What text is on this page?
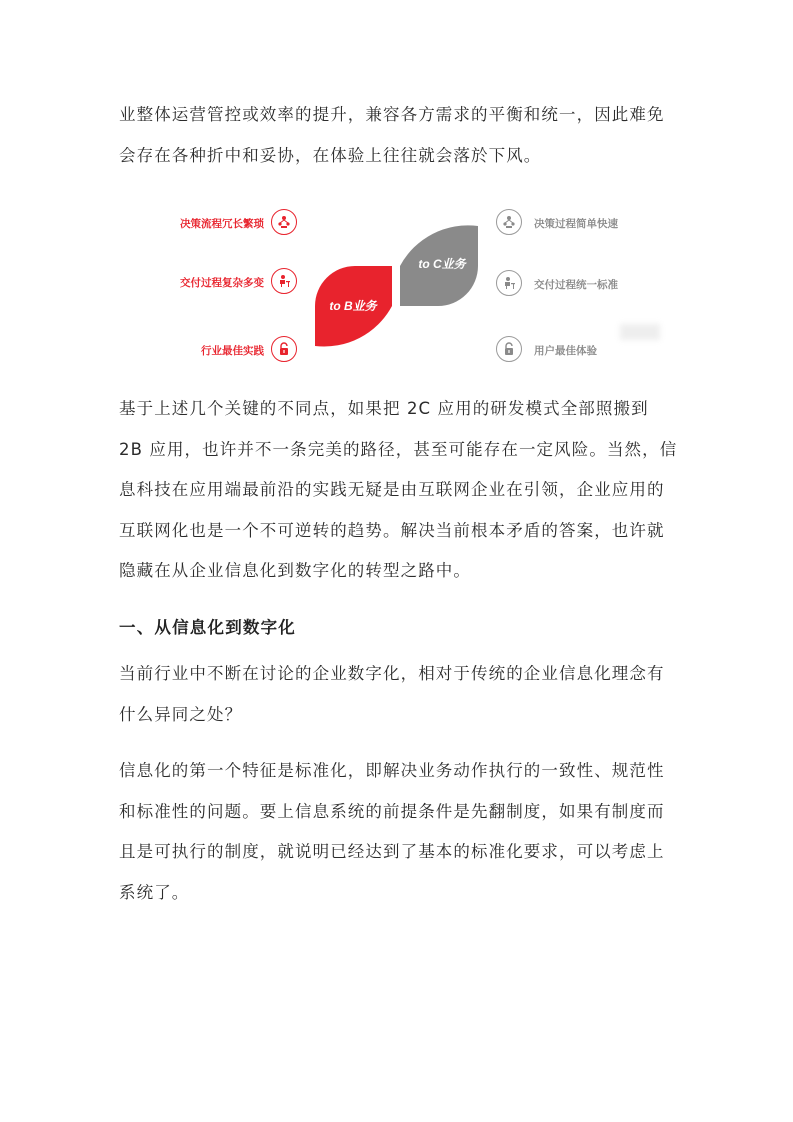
业整体运营管控或效率的提升，兼容各方需求的平衡和统一，因此难免会存在各种折中和妥协，在体验上往往就会落於下风。

to B业务
to C业务
决策流程冗长繁琐
交付过程复杂多变
行业最佳实践
决策过程简单快速
交付过程统一标准
用户最佳体验

基于上述几个关键的不同点，如果把 2C 应用的研发模式全部照搬到 2B 应用，也许并不一条完美的路径，甚至可能存在一定风险。当然，信息科技在应用端最前沿的实践无疑是由互联网企业在引领，企业应用的互联网化也是一个不可逆转的趋势。解决当前根本矛盾的答案，也许就隐藏在从企业信息化到数字化的转型之路中。

一、从信息化到数字化

当前行业中不断在讨论的企业数字化，相对于传统的企业信息化理念有什么异同之处？

信息化的第一个特征是标准化，即解决业务动作执行的一致性、规范性和标准性的问题。要上信息系统的前提条件是先翻制度，如果有制度而且是可执行的制度，就说明已经达到了基本的标准化要求，可以考虑上系统了。
